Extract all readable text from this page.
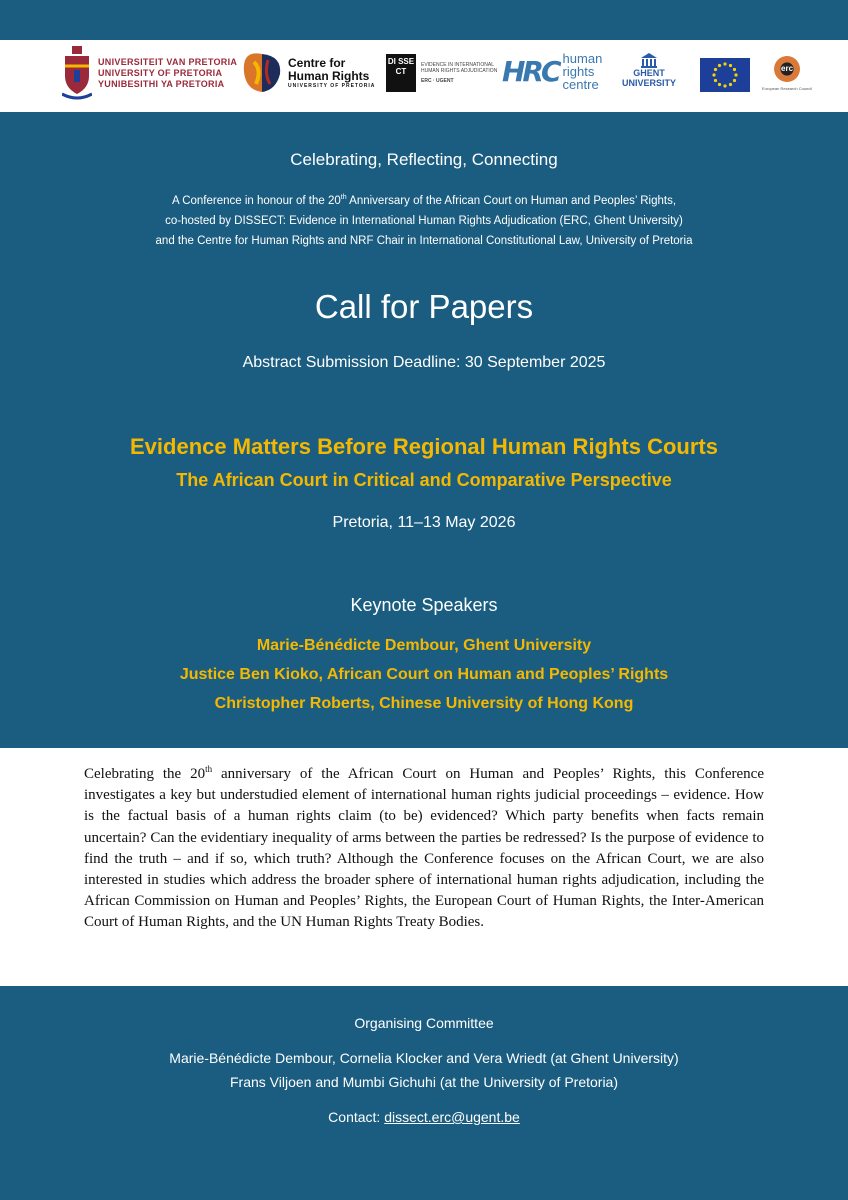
UNIVERSITEIT VAN PRETORIA
UNIVERSITY OF PRETORIA
YUNIBESITHI YA PRETORIA
Centre for
Human Rights
UNIVERSITY OF PRETORIA
DI SSE CT
EVIDENCE IN INTERNATIONAL HUMAN RIGHTS ADJUDICATION
ERC · UGENT	HRC human
rights
centre
GHENT
UNIVERSITY
erc
European Research Council
Celebrating, Reflecting, Connecting
A Conference in honour of the 20th Anniversary of the African Court on Human and Peoples’ Rights,
co-hosted by DISSECT: Evidence in International Human Rights Adjudication (ERC, Ghent University)
and the Centre for Human Rights and NRF Chair in International Constitutional Law, University of Pretoria
Call for Papers
Abstract Submission Deadline: 30 September 2025
Evidence Matters Before Regional Human Rights Courts
The African Court in Critical and Comparative Perspective
Pretoria, 11–13 May 2026
Keynote Speakers
Marie-Bénédicte Dembour, Ghent University
Justice Ben Kioko, African Court on Human and Peoples’ Rights
Christopher Roberts, Chinese University of Hong Kong

Celebrating the 20th anniversary of the African Court on Human and Peoples’ Rights, this Conference investigates a key but understudied element of international human rights judicial proceedings – evidence. How is the factual basis of a human rights claim (to be) evidenced? Which party benefits when facts remain uncertain? Can the evidentiary inequality of arms between the parties be redressed? Is the purpose of evidence to find the truth – and if so, which truth? Although the Conference focuses on the African Court, we are also interested in studies which address the broader sphere of international human rights adjudication, including the African Commission on Human and Peoples’ Rights, the European Court of Human Rights, the Inter-American Court of Human Rights, and the UN Human Rights Treaty Bodies.

Organising Committee
Marie-Bénédicte Dembour, Cornelia Klocker and Vera Wriedt (at Ghent University)
Frans Viljoen and Mumbi Gichuhi (at the University of Pretoria)
Contact: dissect.erc@ugent.be
